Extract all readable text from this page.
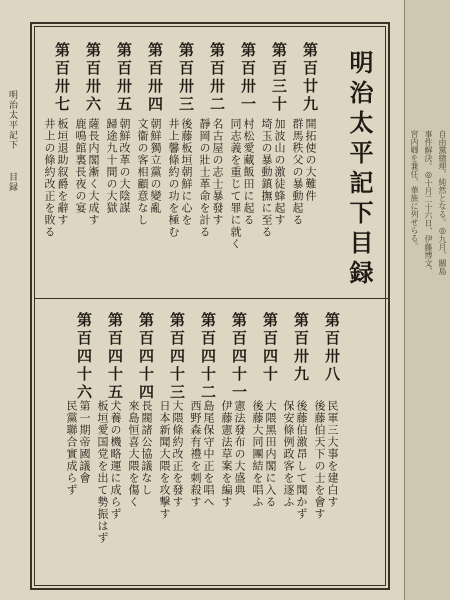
明治太平記下
目録	明治太平記下目録
第百廿九
開拓使の大難件
群馬秩父の暴動起る
第百三十
加波山の激徒蜂起す
埼玉の暴動鎮撫に至る
第百卅一
村松愛藏飯田に起る
同志義を重じて罪に就く
第百卅二
名古屋の志士暴發す
靜岡の壯士革命を計る
第百卅三
後藤板垣朝鮮に心を
井上馨條約の功を極む
第百卅四
朝鮮獨立黨の變亂
文衞の客相顧意なし
第百卅五
朝鮮改革の大陰謀
歸途九十間の大獄
第百卅六
薩長内閣漸く大成す
鹿鳴館裏長夜の宴
第百卅七
板垣退助叙爵を辭す
井上の條約改正を敗る
第百卅八
民軍三大事を建白す
後藤伯天下の士を會す
第百卅九
後藤伯激昂して聞かず
保安條例政客を逐ふ
第百四十
大隈黑田内閣に入る
後藤大同團結を唱ふ
第百四十一
憲法發布の大盛典
伊藤憲法草案を編す
第百四十二
島尾保守中正を唱へ
西野森有禮を刺殺す
第百四十三
大隈條約改正を發す
日本新聞大隈を攻撃す
第百四十四
長閥諸公協議なし
來島恒喜大隈を傷く
第百四十五
犬養の機略運に成らず
板垣愛国党を出て勢振はず
第百四十六
第一期帝國議會
民黨聯合實成らず
自由黨總理、純然となる。◎九月、關島
事件解決。◎十月二十六日、伊藤博文、
宮内卿を兼任、華族に列せらる。
